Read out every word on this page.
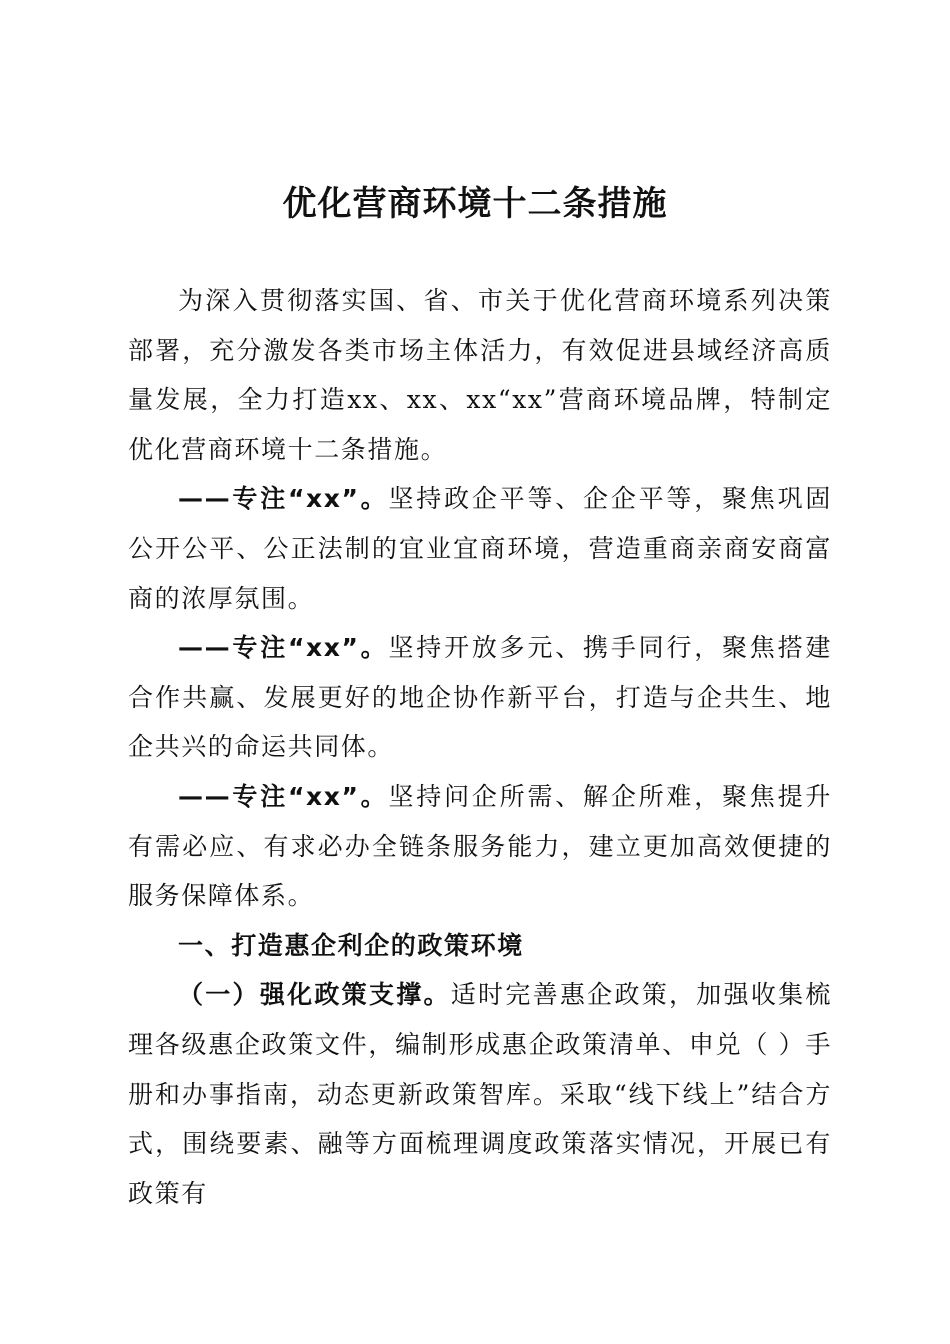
优化营商环境十二条措施

为深入贯彻落实国、省、市关于优化营商环境系列决策部署，充分激发各类市场主体活力，有效促进县域经济高质量发展，全力打造xx、xx、xx“xx”营商环境品牌，特制定优化营商环境十二条措施。

——专注“xx”。坚持政企平等、企企平等，聚焦巩固公开公平、公正法制的宜业宜商环境，营造重商亲商安商富商的浓厚氛围。

——专注“xx”。坚持开放多元、携手同行，聚焦搭建合作共赢、发展更好的地企协作新平台，打造与企共生、地企共兴的命运共同体。

——专注“xx”。坚持问企所需、解企所难，聚焦提升有需必应、有求必办全链条服务能力，建立更加高效便捷的服务保障体系。

一、打造惠企利企的政策环境

（一）强化政策支撑。适时完善惠企政策，加强收集梳理各级惠企政策文件，编制形成惠企政策清单、申兑（ ）手册和办事指南，动态更新政策智库。采取“线下线上”结合方式，围绕要素、融等方面梳理调度政策落实情况，开展已有政策有
